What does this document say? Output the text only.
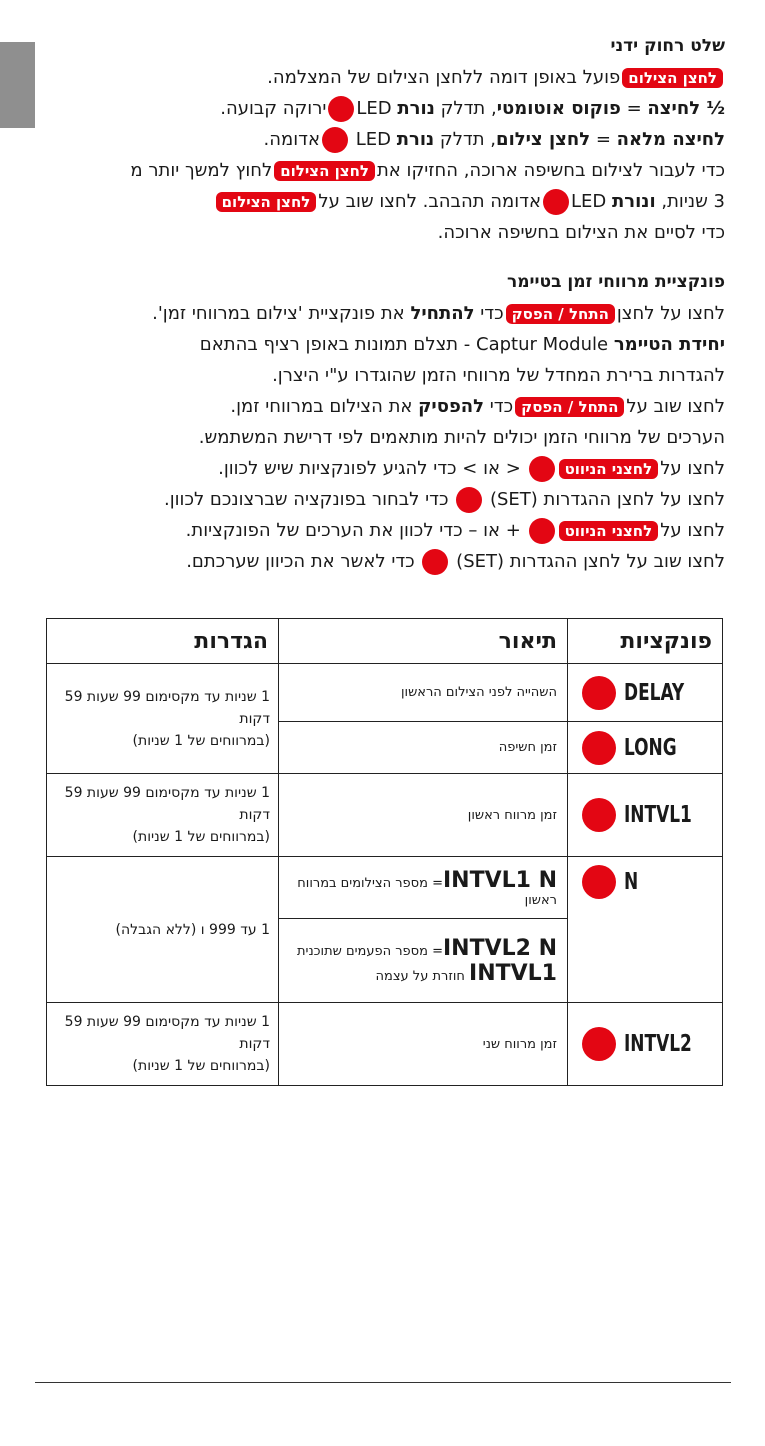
שלט רחוק ידני

לחצן הצילוםפועל באופן דומה ללחצן הצילום של המצלמה.

½ לחיצה = פוקוס אוטומטי, תדלק נורת LEDירוקה קבועה.

לחיצה מלאה = לחצן צילום, תדלק נורת LED אדומה.

כדי לעבור לצילום בחשיפה ארוכה, החזיקו אתלחצן הצילוםלחוץ למשך יותר מ

3 שניות, ונורת LEDאדומה תהבהב. לחצו שוב עללחצן הצילום

כדי לסיים את הצילום בחשיפה ארוכה.

פונקציית מרווחי זמן בטיימר

לחצו על לחצןהתחל / הפסקכדי להתחיל את פונקציית 'צילום במרווחי זמן'.

יחידת הטיימר Captur Module - תצלם תמונות באופן רציף בהתאם

להגדרות ברירת המחדל של מרווחי הזמן שהוגדרו ע"י היצרן.

לחצו שוב עלהתחל / הפסקכדי להפסיק את הצילום במרווחי זמן.

הערכים של מרווחי הזמן יכולים להיות מותאמים לפי דרישת המשתמש.

לחצו עללחצני הניווט < או > כדי להגיע לפונקציות שיש לכוון.

לחצו על לחצן ההגדרות (SET)  כדי לבחור בפונקציה שברצונכם לכוון.

לחצו עללחצני הניווט + או – כדי לכוון את הערכים של הפונקציות.

לחצו שוב על לחצן ההגדרות (SET)  כדי לאשר את הכיוון שערכתם.

פונקציות	תיאור	הגדרות

DELAY	השהייה לפני הצילום הראשון	1 שניות עד מקסימום 99 שעות 59 דקות
(במרווחים של 1 שניות)

LONG	זמן חשיפה	

INTVL1	זמן מרווח ראשון	1 שניות עד מקסימום 99 שעות 59 דקות
(במרווחים של 1 שניות)

N	INTVL1 N= מספר הצילומים במרווח ראשון	1 עד 999 ו (ללא הגבלה)

	INTVL2 N= מספר הפעמים שתוכנית
INTVL1 חוזרת על עצמה	

INTVL2	זמן מרווח שני	1 שניות עד מקסימום 99 שעות 59 דקות
(במרווחים של 1 שניות)
